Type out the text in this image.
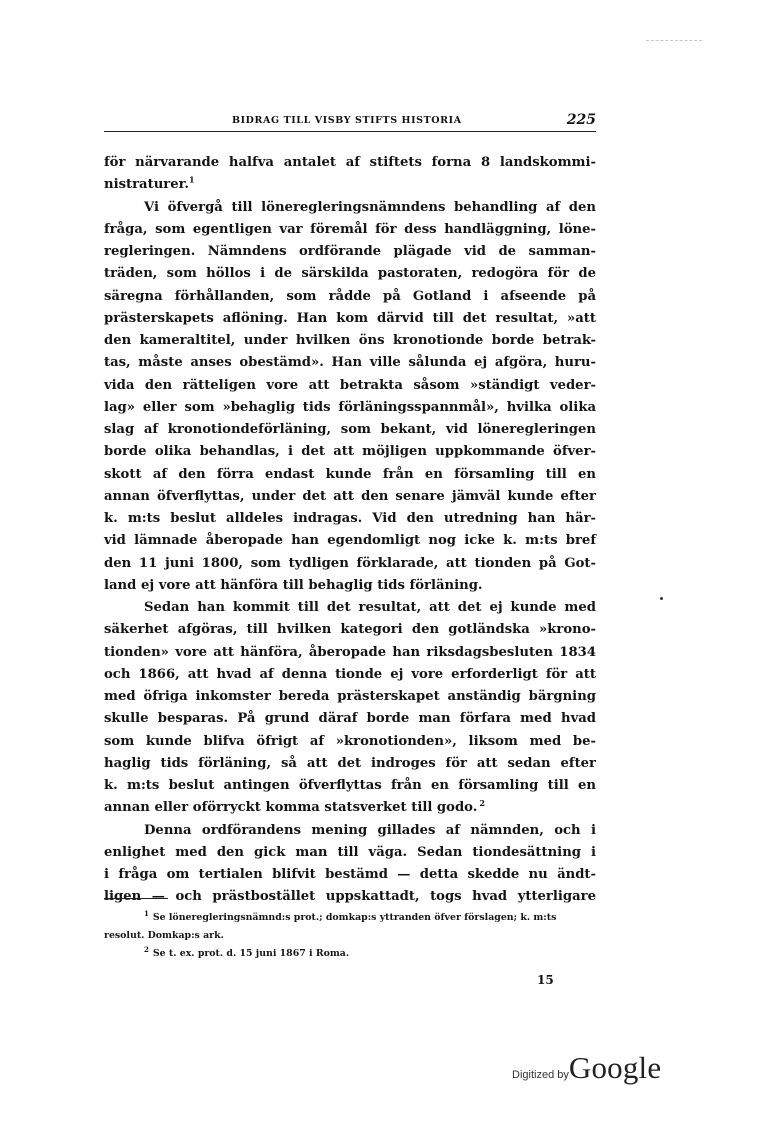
BIDRAG TILL VISBY STIFTS HISTORIA	225

för närvarande halfva antalet af stiftets forna 8 landskommi-

nistraturer.$^1$

Vi öfvergå till löneregleringsnämndens behandling af den

fråga, som egentligen var föremål för dess handläggning, löne-

regleringen. Nämndens ordförande plägade vid de samman-

träden, som höllos i de särskilda pastoraten, redogöra för de

säregna förhållanden, som rådde på Gotland i afseende på

prästerskapets aflöning. Han kom därvid till det resultat, »att

den kameraltitel, under hvilken öns kronotionde borde betrak-

tas, måste anses obestämd». Han ville sålunda ej afgöra, huru-

vida den rätteligen vore att betrakta såsom »ständigt veder-

lag» eller som »behaglig tids förläningsspannmål», hvilka olika

slag af kronotiondeförläning, som bekant, vid löneregleringen

borde olika behandlas, i det att möjligen uppkommande öfver-

skott af den förra endast kunde från en församling till en

annan öfverflyttas, under det att den senare jämväl kunde efter

k. m:ts beslut alldeles indragas. Vid den utredning han här-

vid lämnade åberopade han egendomligt nog icke k. m:ts bref

den 11 juni 1800, som tydligen förklarade, att tionden på Got-

land ej vore att hänföra till behaglig tids förläning.

Sedan han kommit till det resultat, att det ej kunde med

säkerhet afgöras, till hvilken kategori den gotländska »krono-

tionden» vore att hänföra, åberopade han riksdagsbesluten 1834

och 1866, att hvad af denna tionde ej vore erforderligt för att

med öfriga inkomster bereda prästerskapet anständig bärgning

skulle besparas. På grund däraf borde man förfara med hvad

som kunde blifva öfrigt af »kronotionden», liksom med be-

haglig tids förläning, så att det indroges för att sedan efter

k. m:ts beslut antingen öfverflyttas från en församling till en

annan eller oförryckt komma statsverket till godo. $^2$

Denna ordförandens mening gillades af nämnden, och i

enlighet med den gick man till väga. Sedan tiondesättning i

i fråga om tertialen blifvit bestämd — detta skedde nu ändt-

ligen — och prästbostället uppskattadt, togs hvad ytterligare

$^1$ Se löneregleringsnämnd:s prot.; domkap:s yttranden öfver förslagen; k. m:ts

resolut. Domkap:s ark.

$^2$ Se t. ex. prot. d. 15 juni 1867 i Roma.

15
Digitized byGoogle
